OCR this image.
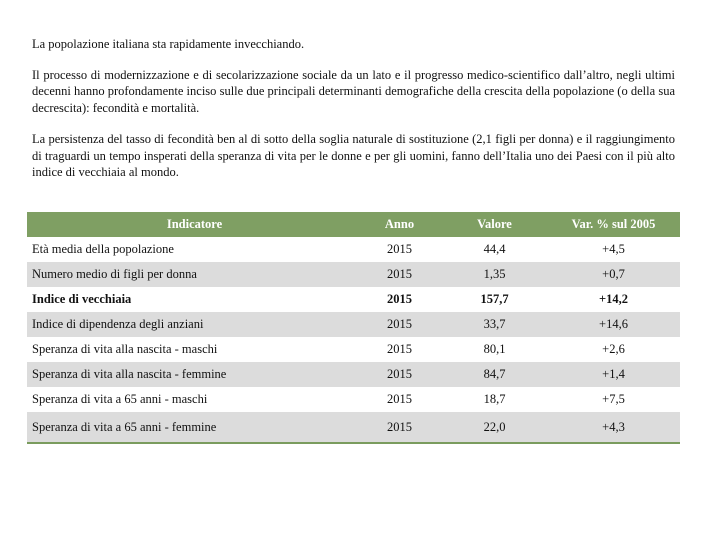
La popolazione italiana sta rapidamente invecchiando.

Il processo di modernizzazione e di secolarizzazione sociale da un lato e il progresso medico-scientifico dall’altro, negli ultimi decenni hanno profondamente inciso sulle due principali determinanti demografiche della crescita della popolazione (o della sua decrescita): fecondità e mortalità.

La persistenza del tasso di fecondità ben al di sotto della soglia naturale di sostituzione (2,1 figli per donna) e il raggiungimento di traguardi un tempo insperati della speranza di vita per le donne e per gli uomini, fanno dell’Italia uno dei Paesi con il più alto indice di vecchiaia al mondo.

Indicatore	Anno	Valore	Var. % sul 2005
Età media della popolazione	2015	44,4	+4,5
Numero medio di figli per donna	2015	1,35	+0,7
Indice di vecchiaia	2015	157,7	+14,2
Indice di dipendenza degli anziani	2015	33,7	+14,6
Speranza di vita alla nascita - maschi	2015	80,1	+2,6
Speranza di vita alla nascita - femmine	2015	84,7	+1,4
Speranza di vita a 65 anni - maschi	2015	18,7	+7,5
Speranza di vita a 65 anni - femmine	2015	22,0	+4,3
